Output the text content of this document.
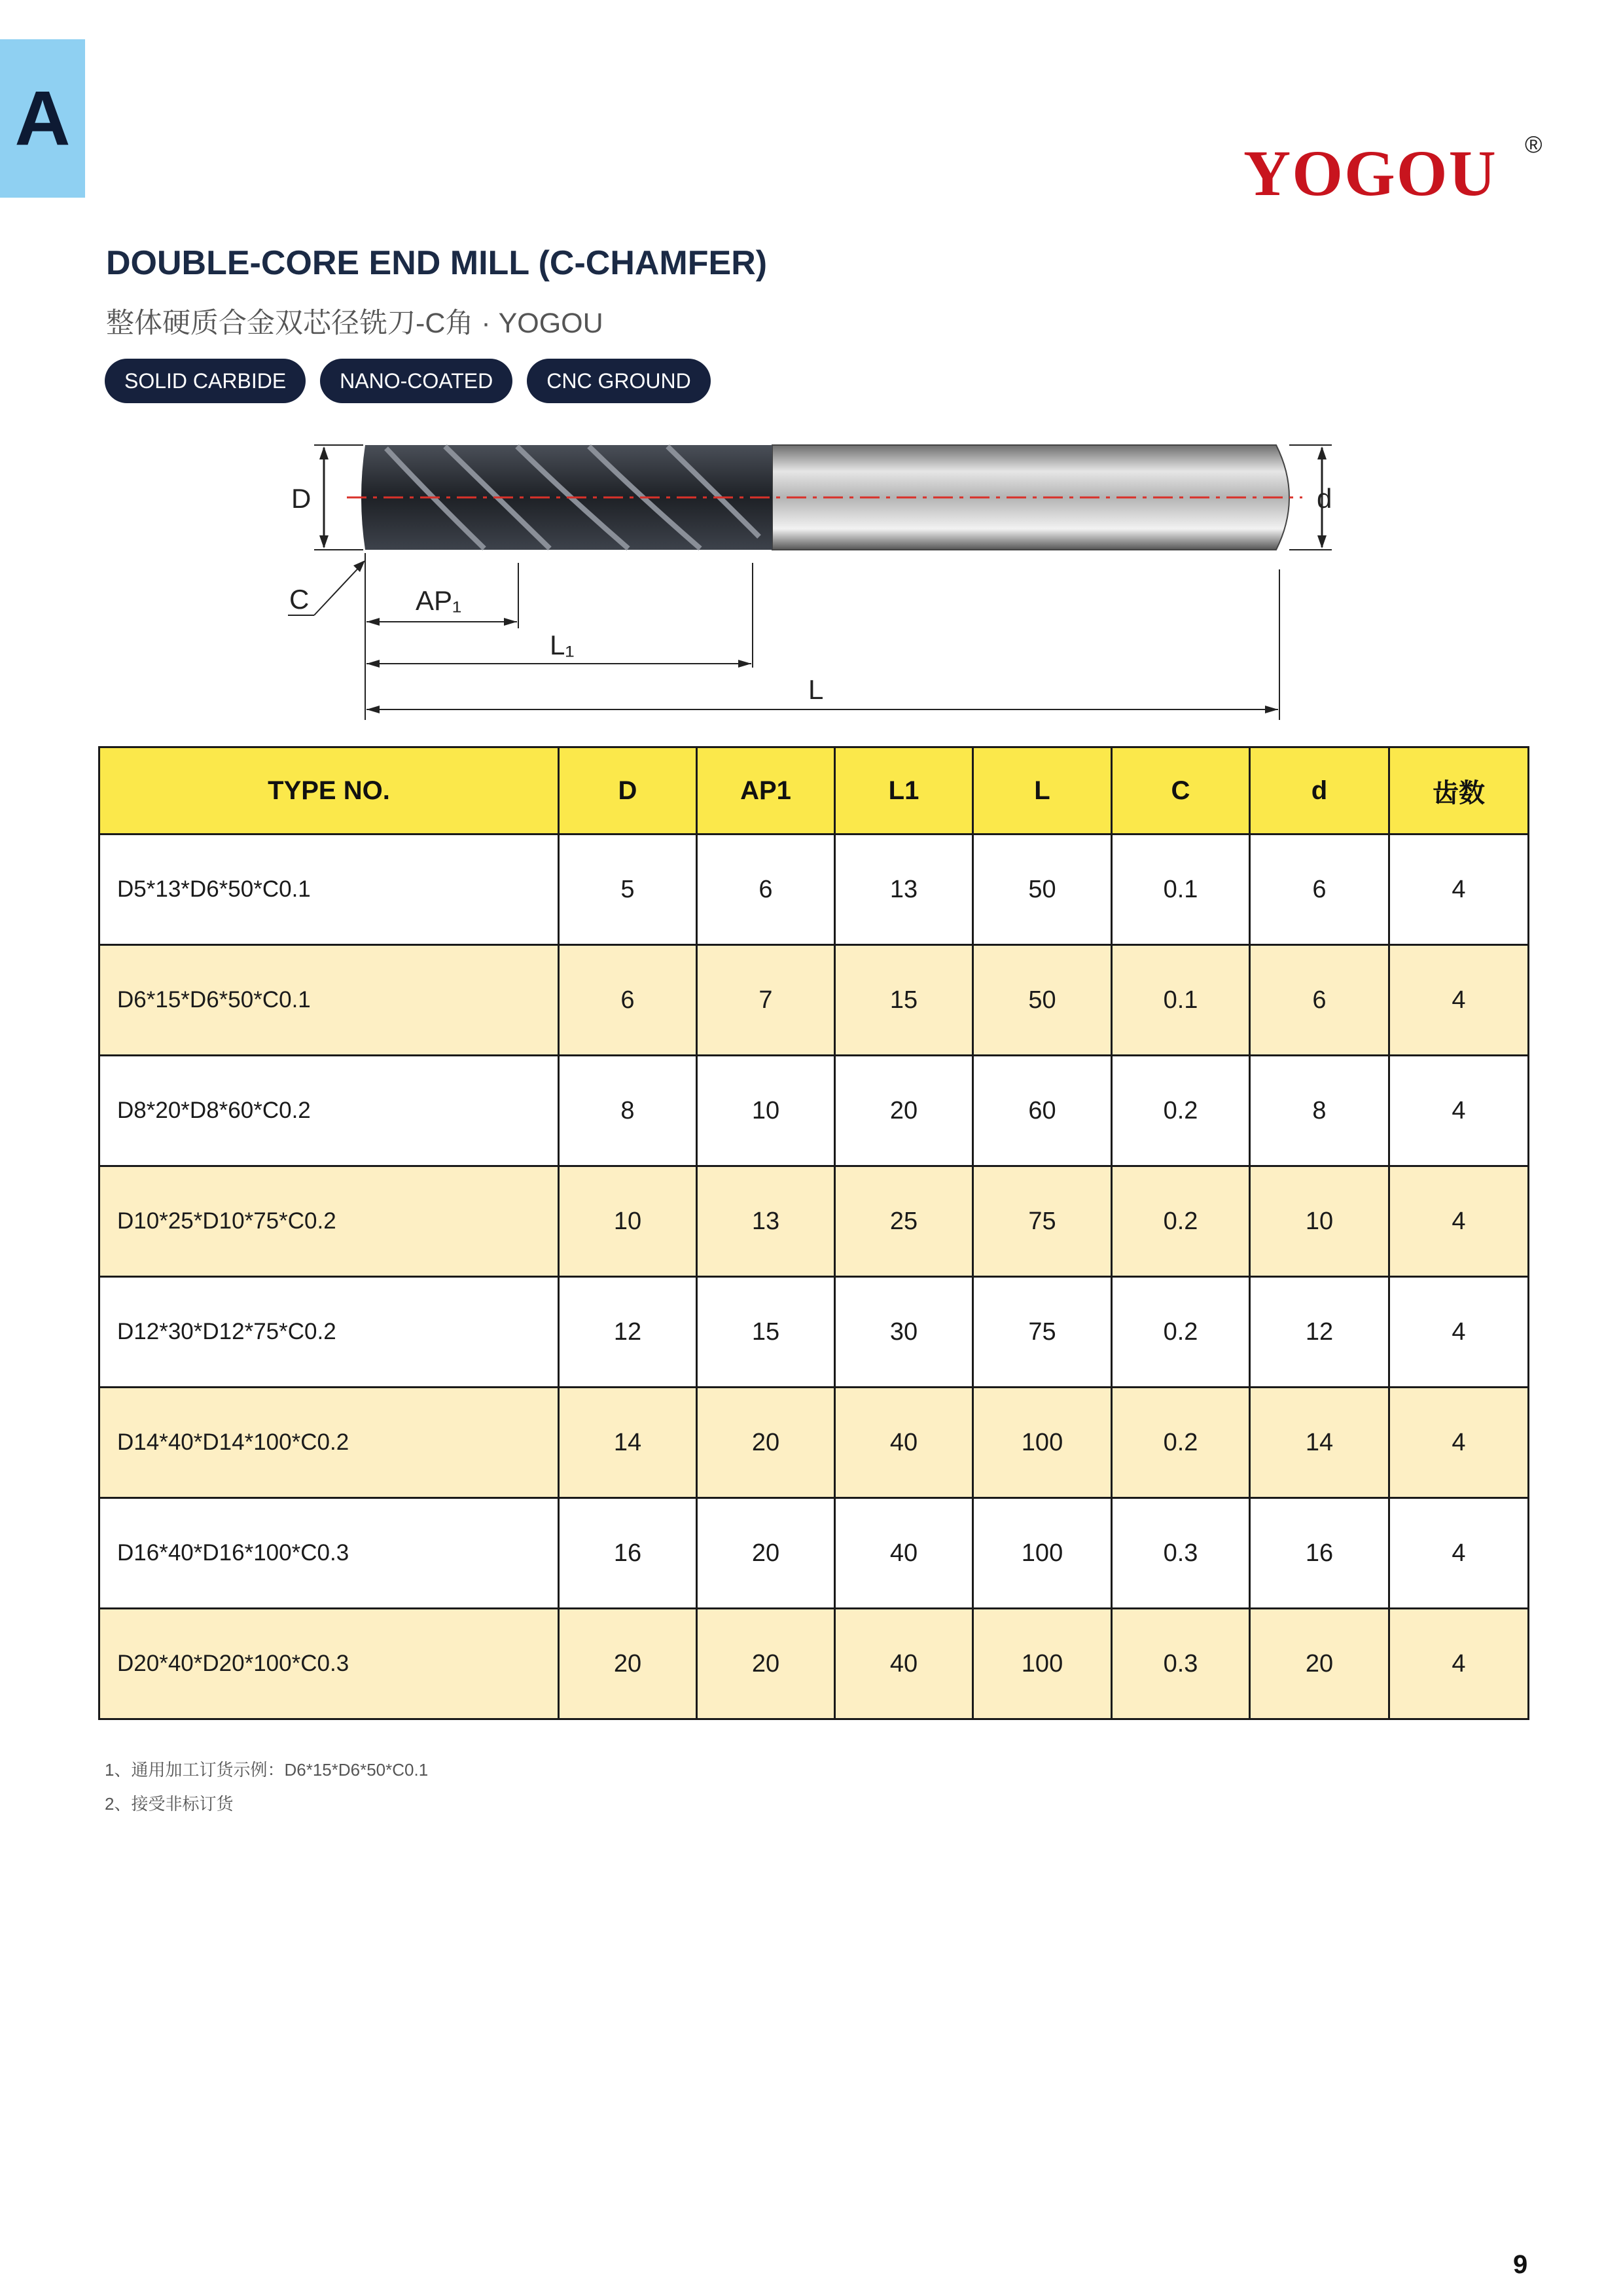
A
YOGOU	®
DOUBLE-CORE END MILL (C-CHAMFER)
整体硬质合金双芯径铣刀-C角 · YOGOU
SOLID CARBIDE	NANO-COATED	CNC GROUND
D	d
C	AP₁
L₁
L
TYPE NO.	D	AP1	L1	L	C	d	齿数
D5*13*D6*50*C0.1	5	6	13	50	0.1	6	4
D6*15*D6*50*C0.1	6	7	15	50	0.1	6	4
D8*20*D8*60*C0.2	8	10	20	60	0.2	8	4
D10*25*D10*75*C0.2	10	13	25	75	0.2	10	4
D12*30*D12*75*C0.2	12	15	30	75	0.2	12	4
D14*40*D14*100*C0.2	14	20	40	100	0.2	14	4
D16*40*D16*100*C0.3	16	20	40	100	0.3	16	4
D20*40*D20*100*C0.3	20	20	40	100	0.3	20	4
1、通用加工订货示例：D6*15*D6*50*C0.1
2、接受非标订货
9
